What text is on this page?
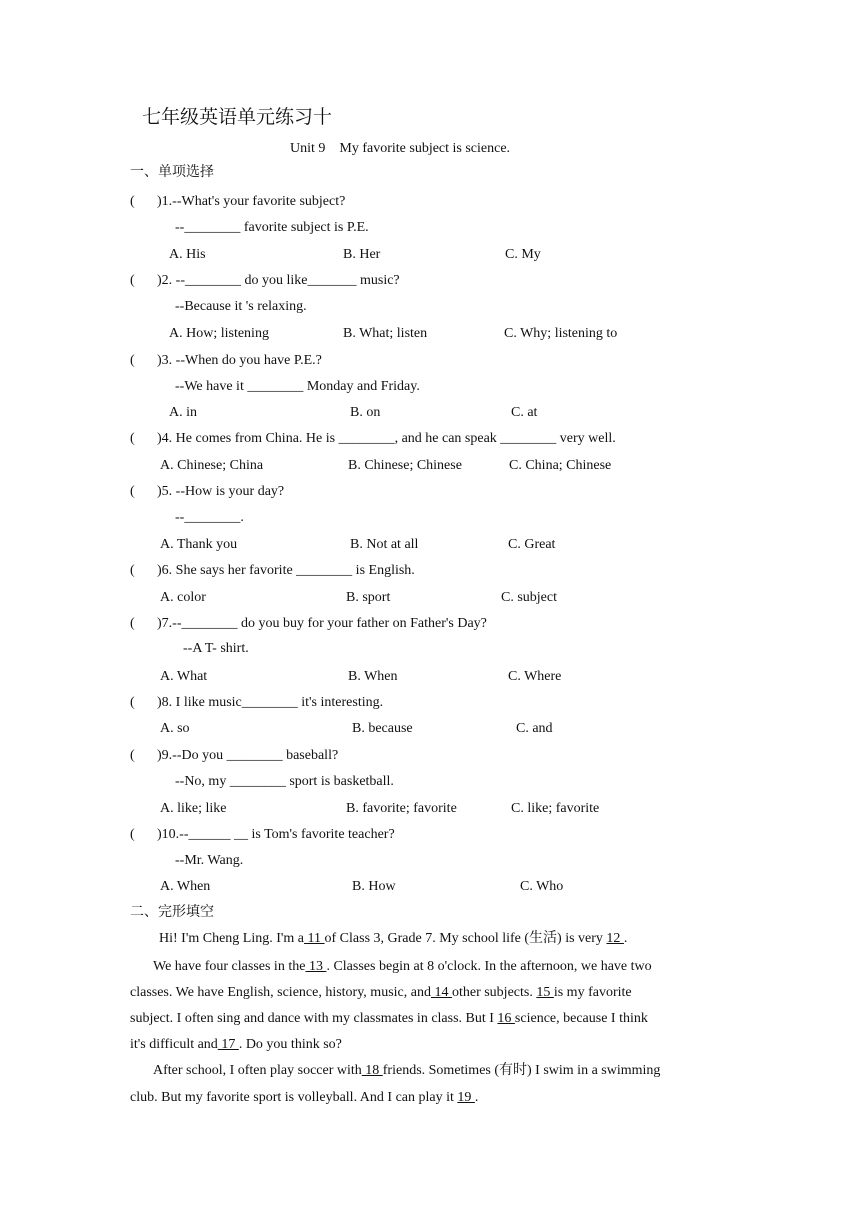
七年级英语单元练习十
Unit 9    My favorite subject is science.
一、单项选择
( )1.--What's your favorite subject?
--________ favorite subject is P.E.
A. His	B. Her	C. My
( )2. --________ do you like_______ music?
--Because it 's relaxing.
A. How; listening	B. What; listen	C. Why; listening to
( )3. --When do you have P.E.?
--We have it ________ Monday and Friday.
A. in	B. on	C. at
( )4. He comes from China. He is ________, and he can speak ________ very well.
A. Chinese; China	B. Chinese; Chinese	C. China; Chinese
( )5. --How is your day?
--________.
A. Thank you	B. Not at all	C. Great
( )6. She says her favorite ________ is English.
A. color	B. sport	C. subject
( )7.--________ do you buy for your father on Father's Day?
--A T- shirt.
A. What	B. When	C. Where
( )8. I like music________ it's interesting.
A. so	B. because	C. and
( )9.--Do you ________ baseball?
--No, my ________ sport is basketball.
A. like; like	B. favorite; favorite	C. like; favorite
( )10.--______ __ is Tom's favorite teacher?
--Mr. Wang.
A. When	B. How	C. Who
二、完形填空
Hi! I'm Cheng Ling. I'm a 11 of Class 3, Grade 7. My school life (生活) is very 12 .
We have four classes in the 13 . Classes begin at 8 o'clock. In the afternoon, we have two
classes. We have English, science, history, music, and 14 other subjects. 15 is my favorite
subject. I often sing and dance with my classmates in class. But I 16 science, because I think
it's difficult and 17 . Do you think so?
After school, I often play soccer with 18 friends. Sometimes (有时) I swim in a swimming
club. But my favorite sport is volleyball. And I can play it 19 .
